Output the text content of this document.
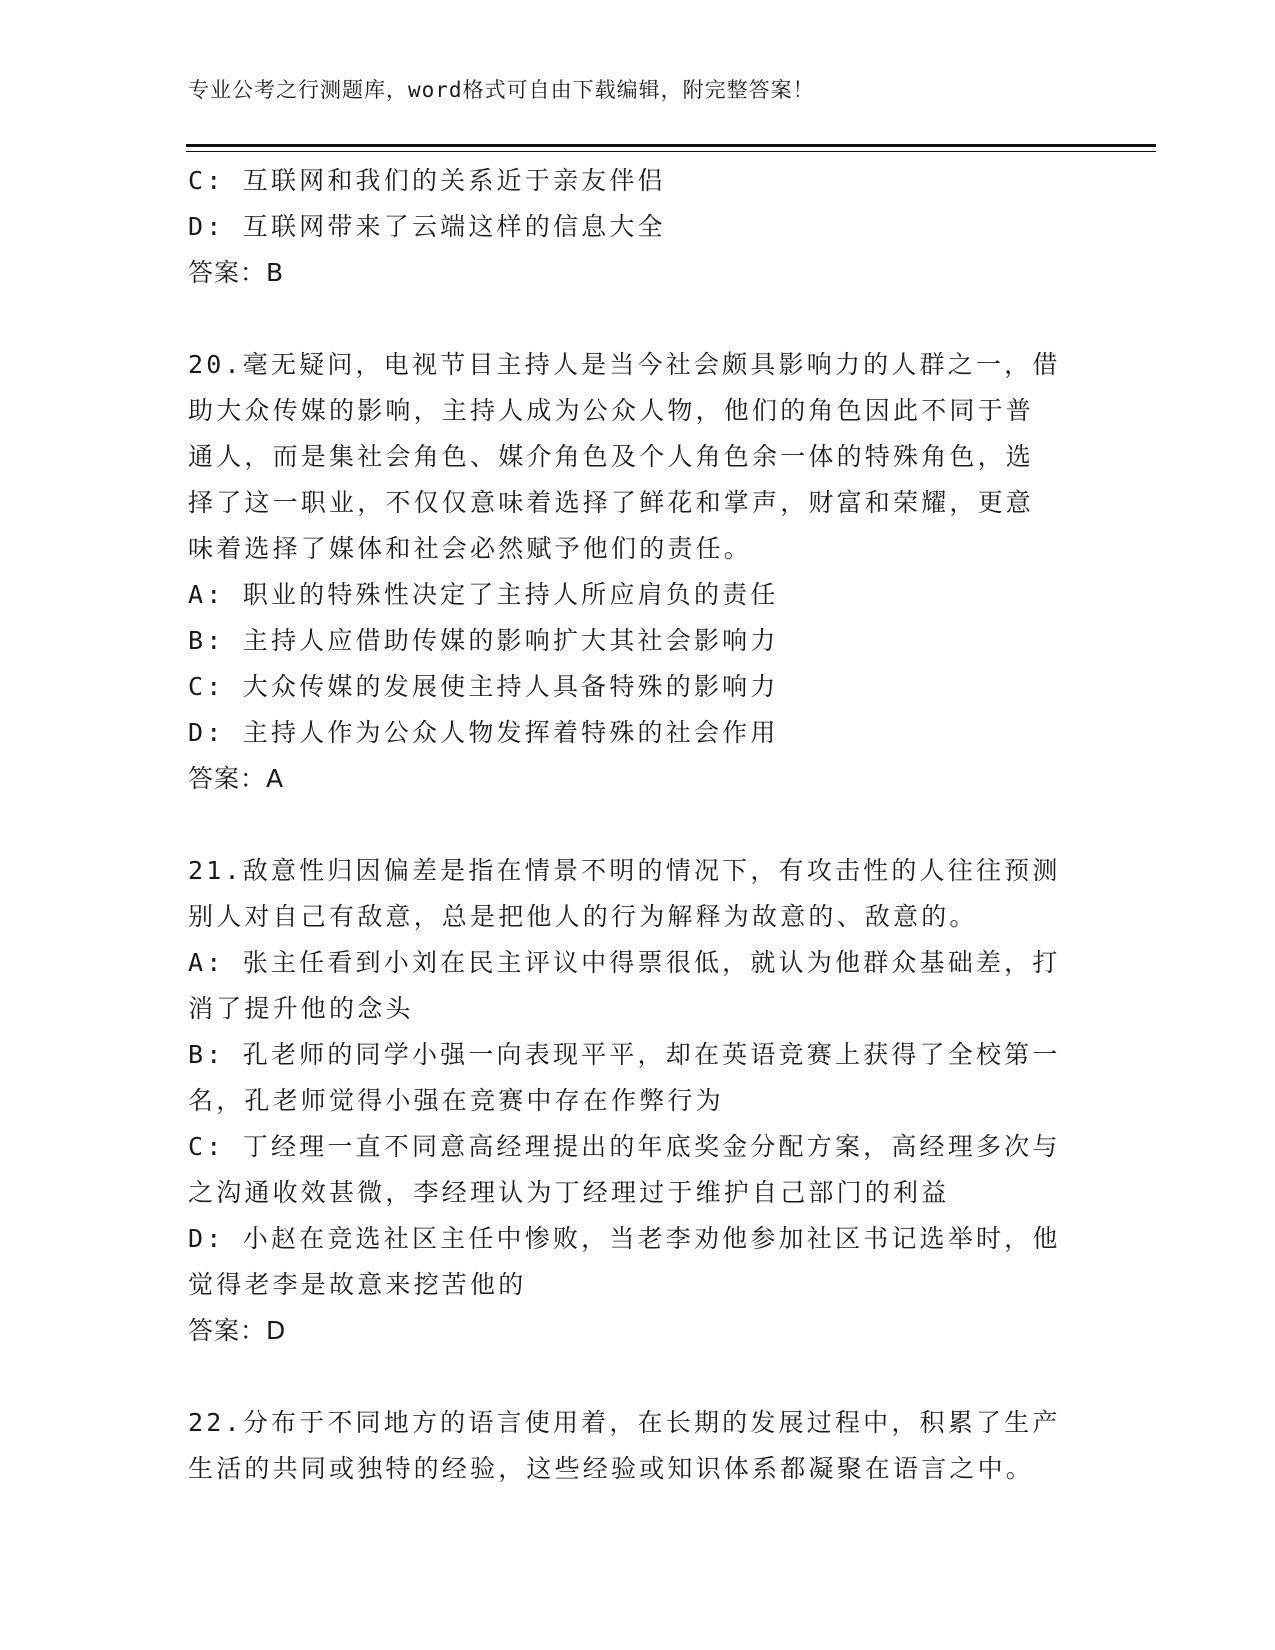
专业公考之行测题库，word格式可自由下载编辑，附完整答案！

C: 互联网和我们的关系近于亲友伴侣

D: 互联网带来了云端这样的信息大全

答案：B

20.毫无疑问，电视节目主持人是当今社会颇具影响力的人群之一，借

助大众传媒的影响，主持人成为公众人物，他们的角色因此不同于普

通人，而是集社会角色、媒介角色及个人角色余一体的特殊角色，选

择了这一职业，不仅仅意味着选择了鲜花和掌声，财富和荣耀，更意

味着选择了媒体和社会必然赋予他们的责任。

A: 职业的特殊性决定了主持人所应肩负的责任

B: 主持人应借助传媒的影响扩大其社会影响力

C: 大众传媒的发展使主持人具备特殊的影响力

D: 主持人作为公众人物发挥着特殊的社会作用

答案：A

21.敌意性归因偏差是指在情景不明的情况下，有攻击性的人往往预测

别人对自己有敌意，总是把他人的行为解释为故意的、敌意的。

A: 张主任看到小刘在民主评议中得票很低，就认为他群众基础差，打

消了提升他的念头

B: 孔老师的同学小强一向表现平平，却在英语竞赛上获得了全校第一

名，孔老师觉得小强在竞赛中存在作弊行为

C: 丁经理一直不同意高经理提出的年底奖金分配方案，高经理多次与

之沟通收效甚微，李经理认为丁经理过于维护自己部门的利益

D: 小赵在竞选社区主任中惨败，当老李劝他参加社区书记选举时，他

觉得老李是故意来挖苦他的

答案：D

22.分布于不同地方的语言使用着，在长期的发展过程中，积累了生产

生活的共同或独特的经验，这些经验或知识体系都凝聚在语言之中。
